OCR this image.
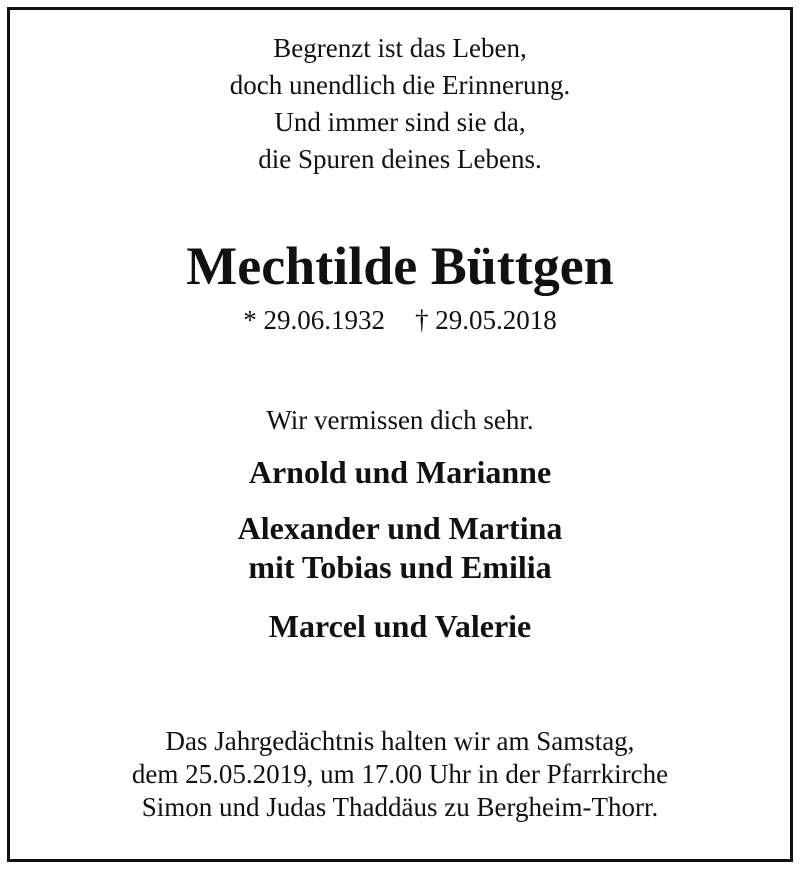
Begrenzt ist das Leben,
doch unendlich die Erinnerung.
Und immer sind sie da,
die Spuren deines Lebens.
Mechtilde Büttgen
* 29.06.1932 † 29.05.2018
Wir vermissen dich sehr.
Arnold und Marianne
Alexander und Martina
mit Tobias und Emilia
Marcel und Valerie
Das Jahrgedächtnis halten wir am Samstag,
dem 25.05.2019, um 17.00 Uhr in der Pfarrkirche
Simon und Judas Thaddäus zu Bergheim-Thorr.
